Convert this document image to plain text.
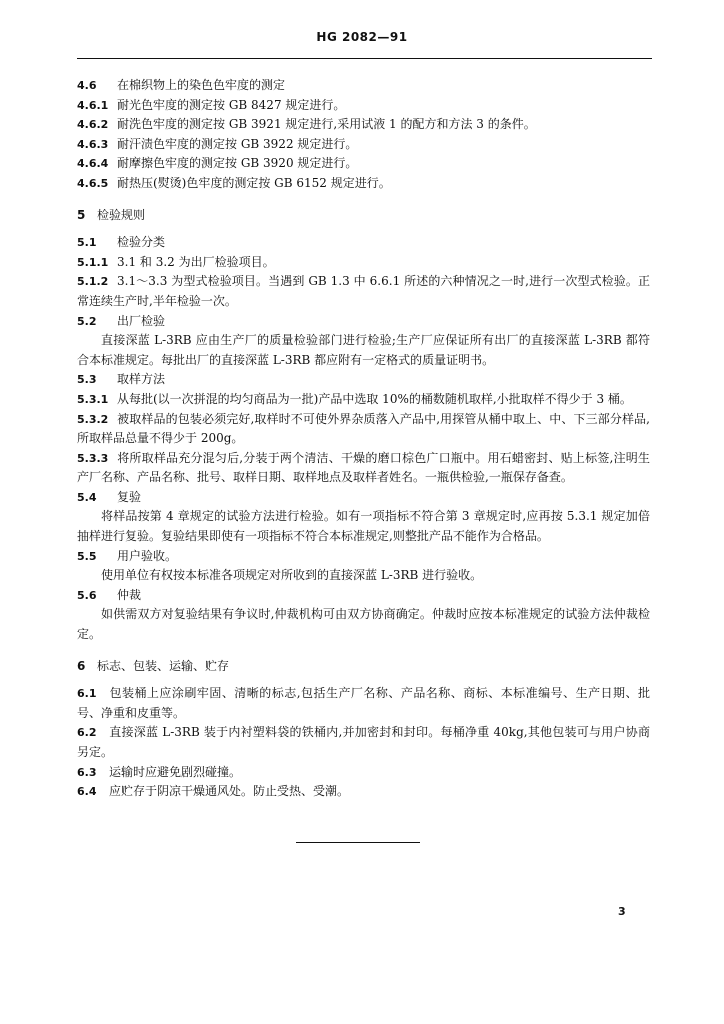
HG 2082—91
4.6 在棉织物上的染色色牢度的测定
4.6.1 耐光色牢度的测定按 GB 8427 规定进行。
4.6.2 耐洗色牢度的测定按 GB 3921 规定进行,采用试液 1 的配方和方法 3 的条件。
4.6.3 耐汗渍色牢度的测定按 GB 3922 规定进行。
4.6.4 耐摩擦色牢度的测定按 GB 3920 规定进行。
4.6.5 耐热压(熨烫)色牢度的测定按 GB 6152 规定进行。
5 检验规则
5.1 检验分类
5.1.1 3.1 和 3.2 为出厂检验项目。
5.1.2 3.1～3.3 为型式检验项目。当遇到 GB 1.3 中 6.6.1 所述的六种情况之一时,进行一次型式检验。正常连续生产时,半年检验一次。
5.2 出厂检验
直接深蓝 L-3RB 应由生产厂的质量检验部门进行检验;生产厂应保证所有出厂的直接深蓝 L-3RB 都符合本标准规定。每批出厂的直接深蓝 L-3RB 都应附有一定格式的质量证明书。
5.3 取样方法
5.3.1 从每批(以一次拼混的均匀商品为一批)产品中选取 10%的桶数随机取样,小批取样不得少于 3 桶。
5.3.2 被取样品的包装必须完好,取样时不可使外界杂质落入产品中,用探管从桶中取上、中、下三部分样品,所取样品总量不得少于 200g。
5.3.3 将所取样品充分混匀后,分装于两个清洁、干燥的磨口棕色广口瓶中。用石蜡密封、贴上标签,注明生产厂名称、产品名称、批号、取样日期、取样地点及取样者姓名。一瓶供检验,一瓶保存备查。
5.4 复验
将样品按第 4 章规定的试验方法进行检验。如有一项指标不符合第 3 章规定时,应再按 5.3.1 规定加倍抽样进行复验。复验结果即使有一项指标不符合本标准规定,则整批产品不能作为合格品。
5.5 用户验收。
使用单位有权按本标准各项规定对所收到的直接深蓝 L-3RB 进行验收。
5.6 仲裁
如供需双方对复验结果有争议时,仲裁机构可由双方协商确定。仲裁时应按本标准规定的试验方法仲裁检定。
6 标志、包装、运输、贮存
6.1 包装桶上应涂刷牢固、清晰的标志,包括生产厂名称、产品名称、商标、本标准编号、生产日期、批号、净重和皮重等。
6.2 直接深蓝 L-3RB 装于内衬塑料袋的铁桶内,并加密封和封印。每桶净重 40kg,其他包装可与用户协商另定。
6.3 运输时应避免剧烈碰撞。
6.4 应贮存于阴凉干燥通风处。防止受热、受潮。
3
